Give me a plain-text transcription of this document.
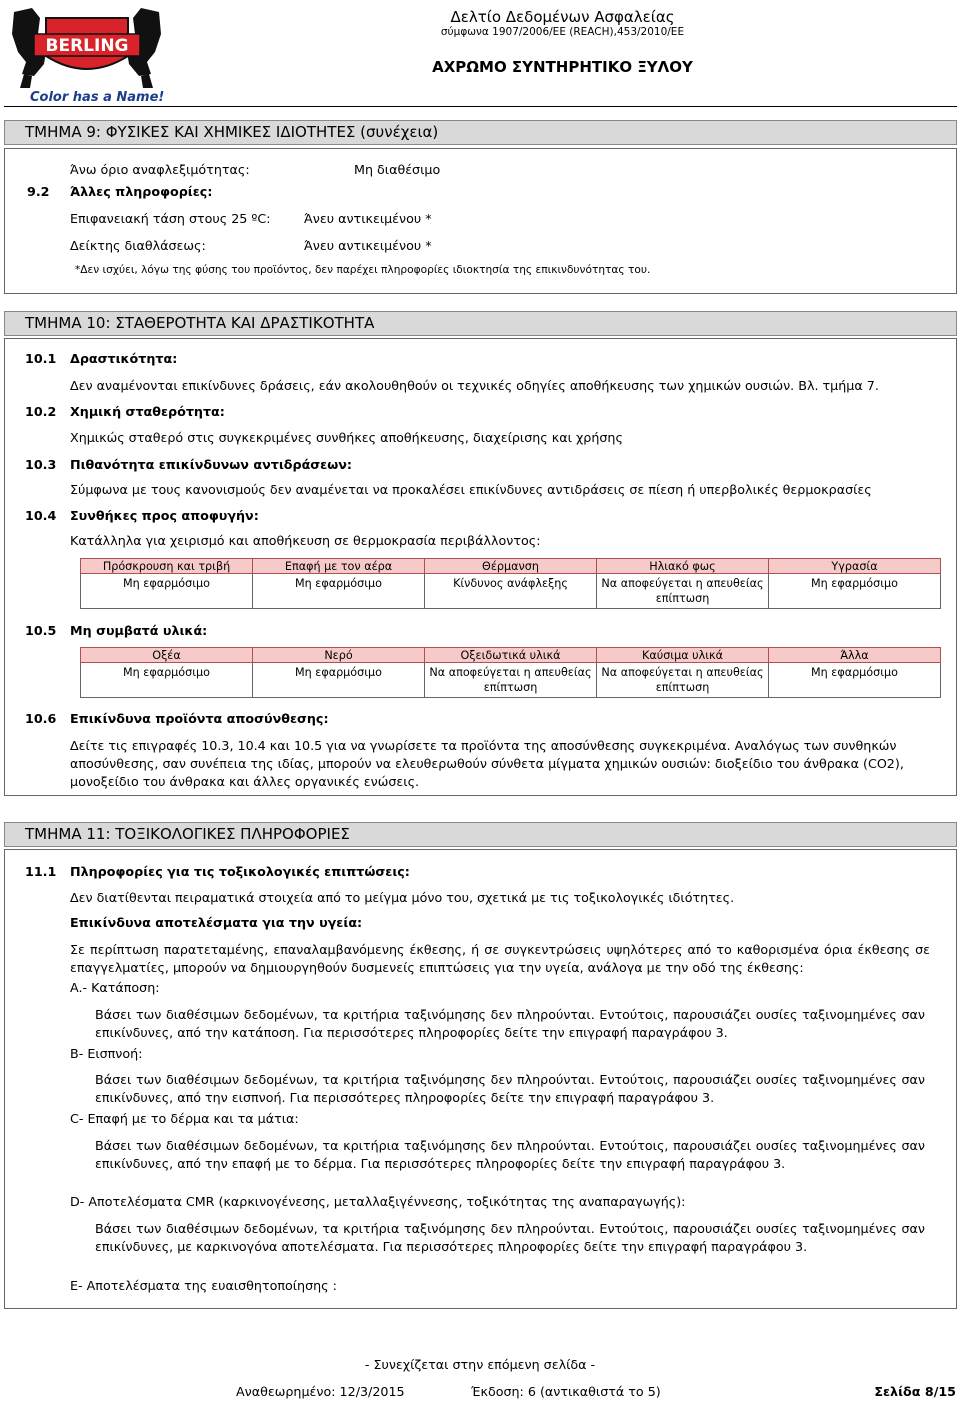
BERLING
Color has a Name!
Δελτίο Δεδομένων Ασφαλείας
σύμφωνα 1907/2006/ΕΕ (REACH),453/2010/ΕΕ
ΑΧΡΩΜΟ ΣΥΝΤΗΡΗΤΙΚΟ ΞΥΛΟΥ
ΤΜΗΜΑ 9: ΦΥΣΙΚΕΣ ΚΑΙ ΧΗΜΙΚΕΣ ΙΔΙΟΤΗΤΕΣ (συνέχεια)
Άνω όριο αναφλεξιμότητας:	Μη διαθέσιμο
9.2 Άλλες πληροφορίες:
Επιφανειακή τάση στους 25 ºC:	Άνευ αντικειμένου *
Δείκτης διαθλάσεως:	Άνευ αντικειμένου *
*Δεν ισχύει, λόγω της φύσης του προϊόντος, δεν παρέχει πληροφορίες ιδιοκτησία της επικινδυνότητας του.
ΤΜΗΜΑ 10: ΣΤΑΘΕΡΟΤΗΤΑ ΚΑΙ ΔΡΑΣΤΙΚΟΤΗΤΑ
10.1 Δραστικότητα:
Δεν αναμένονται επικίνδυνες δράσεις, εάν ακολουθηθούν οι τεχνικές οδηγίες αποθήκευσης των χημικών ουσιών. Βλ. τμήμα 7.
10.2 Χημική σταθερότητα:
Χημικώς σταθερό στις συγκεκριμένες συνθήκες αποθήκευσης, διαχείρισης και χρήσης
10.3 Πιθανότητα επικίνδυνων αντιδράσεων:
Σύμφωνα με τους κανονισμούς δεν αναμένεται να προκαλέσει επικίνδυνες αντιδράσεις σε πίεση ή υπερβολικές θερμοκρασίες
10.4 Συνθήκες προς αποφυγήν:
Κατάλληλα για χειρισμό και αποθήκευση σε θερμοκρασία περιβάλλοντος:
Πρόσκρουση και τριβή	Επαφή με τον αέρα	Θέρμανση	Ηλιακό φως	Υγρασία
Μη εφαρμόσιμο	Μη εφαρμόσιμο	Κίνδυνος ανάφλεξης	Να αποφεύγεται η απευθείας επίπτωση	Μη εφαρμόσιμο
10.5 Μη συμβατά υλικά:
Οξέα	Νερό	Οξειδωτικά υλικά	Καύσιμα υλικά	Άλλα
Μη εφαρμόσιμο	Μη εφαρμόσιμο	Να αποφεύγεται η απευθείας επίπτωση	Να αποφεύγεται η απευθείας επίπτωση	Μη εφαρμόσιμο
10.6 Επικίνδυνα προϊόντα αποσύνθεσης:
Δείτε τις επιγραφές 10.3, 10.4 και 10.5 για να γνωρίσετε τα προϊόντα της αποσύνθεσης συγκεκριμένα. Αναλόγως των συνθηκών αποσύνθεσης, σαν συνέπεια της ιδίας, μπορούν να ελευθερωθούν σύνθετα μίγματα χημικών ουσιών: διοξείδιο του άνθρακα (CO2), μονοξείδιο του άνθρακα και άλλες οργανικές ενώσεις.
ΤΜΗΜΑ 11: ΤΟΞΙΚΟΛΟΓΙΚΕΣ ΠΛΗΡΟΦΟΡΙΕΣ
11.1 Πληροφορίες για τις τοξικολογικές επιπτώσεις:
Δεν διατίθενται πειραματικά στοιχεία από το μείγμα μόνο του, σχετικά με τις τοξικολογικές ιδιότητες.
Επικίνδυνα αποτελέσματα για την υγεία:
Σε περίπτωση παρατεταμένης, επαναλαμβανόμενης έκθεσης, ή σε συγκεντρώσεις υψηλότερες από το καθορισμένα όρια έκθεσης σε επαγγελματίες, μπορούν να δημιουργηθούν δυσμενείς επιπτώσεις για την υγεία, ανάλογα με την οδό της έκθεσης:
A.- Κατάποση:
Βάσει των διαθέσιμων δεδομένων, τα κριτήρια ταξινόμησης δεν πληρούνται. Εντούτοις, παρουσιάζει ουσίες ταξινομημένες σαν επικίνδυνες, από την κατάποση. Για περισσότερες πληροφορίες δείτε την επιγραφή παραγράφου 3.
B- Εισπνοή:
Βάσει των διαθέσιμων δεδομένων, τα κριτήρια ταξινόμησης δεν πληρούνται. Εντούτοις, παρουσιάζει ουσίες ταξινομημένες σαν επικίνδυνες, από την εισπνοή. Για περισσότερες πληροφορίες δείτε την επιγραφή παραγράφου 3.
C- Επαφή με το δέρμα και τα μάτια:
Βάσει των διαθέσιμων δεδομένων, τα κριτήρια ταξινόμησης δεν πληρούνται. Εντούτοις, παρουσιάζει ουσίες ταξινομημένες σαν επικίνδυνες, από την επαφή με το δέρμα. Για περισσότερες πληροφορίες δείτε την επιγραφή παραγράφου 3.
D- Αποτελέσματα CMR (καρκινογένεσης, μεταλλαξιγέννεσης, τοξικότητας της αναπαραγωγής):
Βάσει των διαθέσιμων δεδομένων, τα κριτήρια ταξινόμησης δεν πληρούνται. Εντούτοις, παρουσιάζει ουσίες ταξινομημένες σαν επικίνδυνες, με καρκινογόνα αποτελέσματα. Για περισσότερες πληροφορίες δείτε την επιγραφή παραγράφου 3.
E- Αποτελέσματα της ευαισθητοποίησης :
- Συνεχίζεται στην επόμενη σελίδα -
Αναθεωρημένο: 12/3/2015	Έκδοση: 6 (αντικαθιστά το 5)	Σελίδα 8/15
